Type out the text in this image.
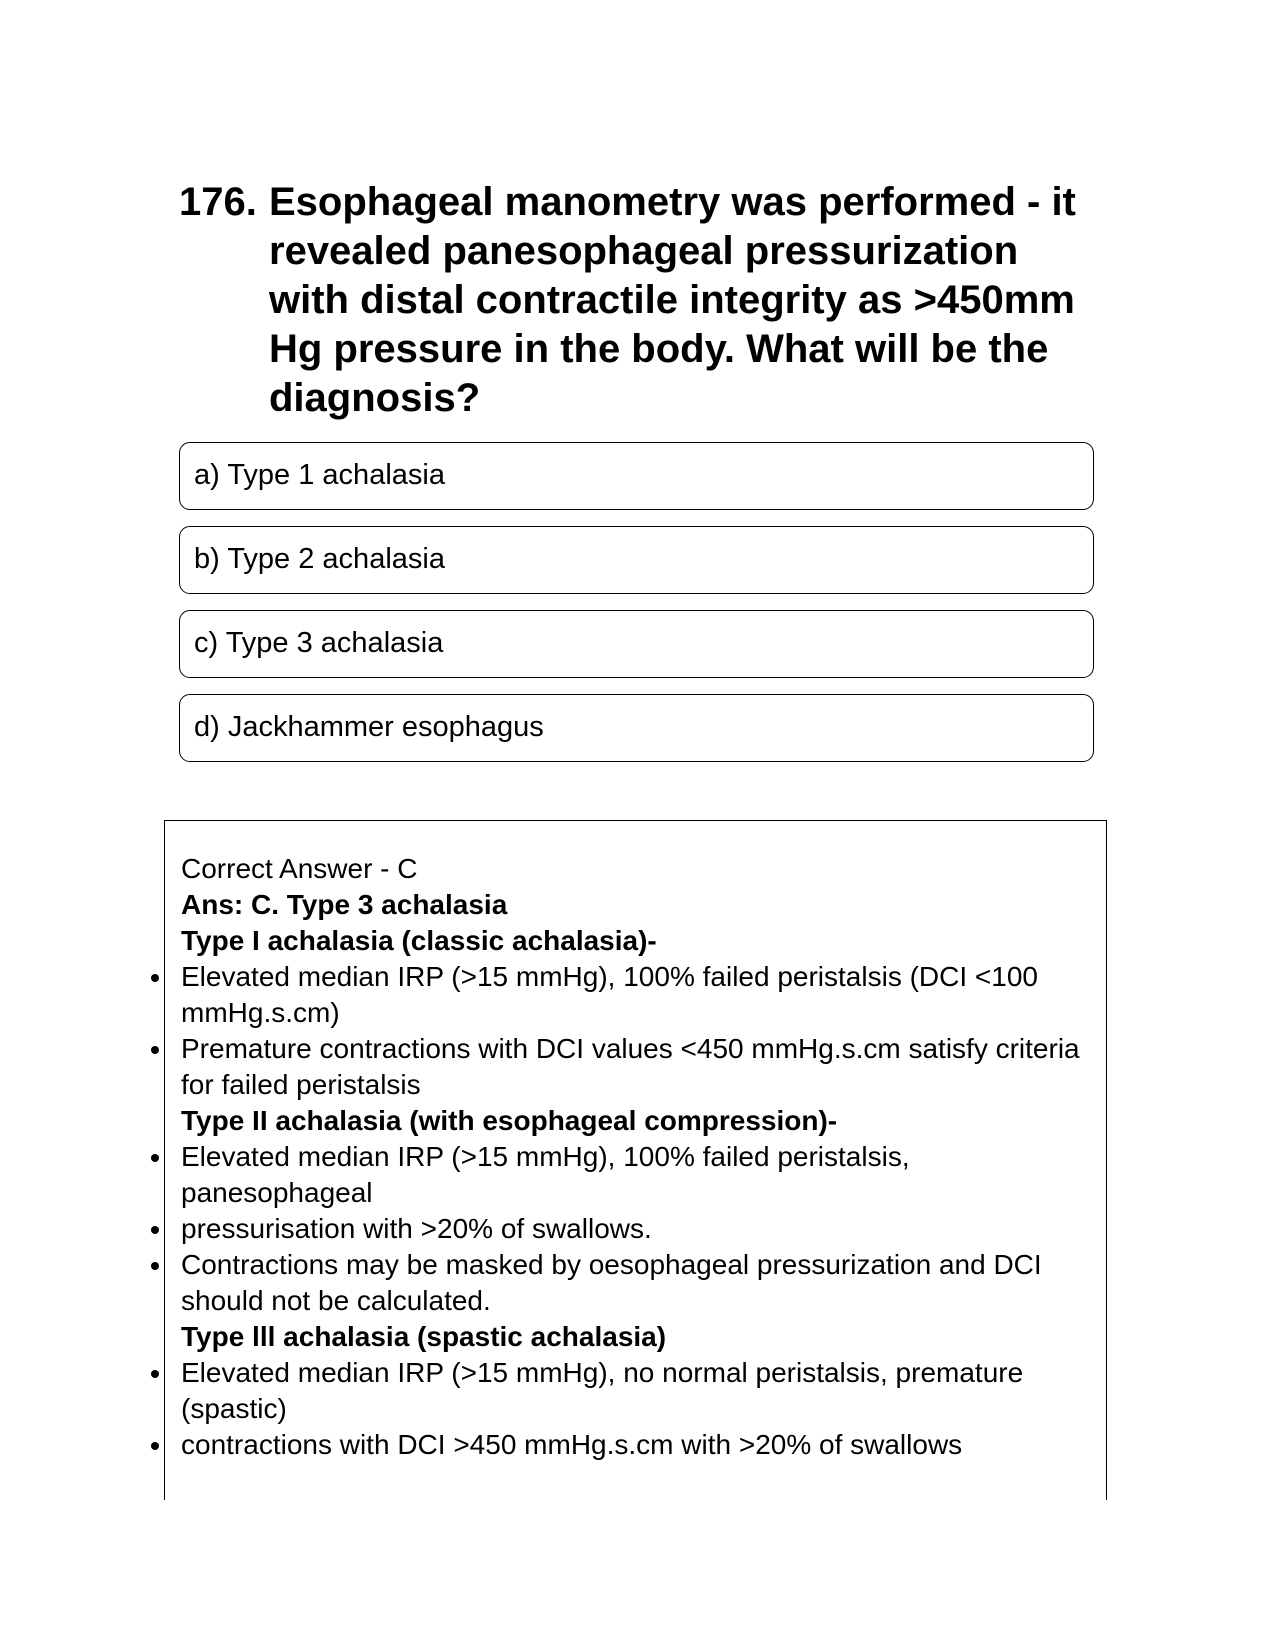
176. Esophageal manometry was performed - it revealed panesophageal pressurization with distal contractile integrity as >450mm Hg pressure in the body. What will be the diagnosis?
a) Type 1 achalasia
b) Type 2 achalasia
c) Type 3 achalasia
d) Jackhammer esophagus

Correct Answer - C

Ans: C. Type 3 achalasia

Type I achalasia (classic achalasia)-

Elevated median IRP (>15 mmHg), 100% failed peristalsis (DCI <100 mmHg.s.cm)

Premature contractions with DCI values <450 mmHg.s.cm satisfy criteria for failed peristalsis

Type II achalasia (with esophageal compression)-

Elevated median IRP (>15 mmHg), 100% failed peristalsis, panesophageal

pressurisation with >20% of swallows.

Contractions may be masked by oesophageal pressurization and DCI should not be calculated.

Type lll achalasia (spastic achalasia)

Elevated median IRP (>15 mmHg), no normal peristalsis, premature (spastic)

contractions with DCI >450 mmHg.s.cm with >20% of swallows
